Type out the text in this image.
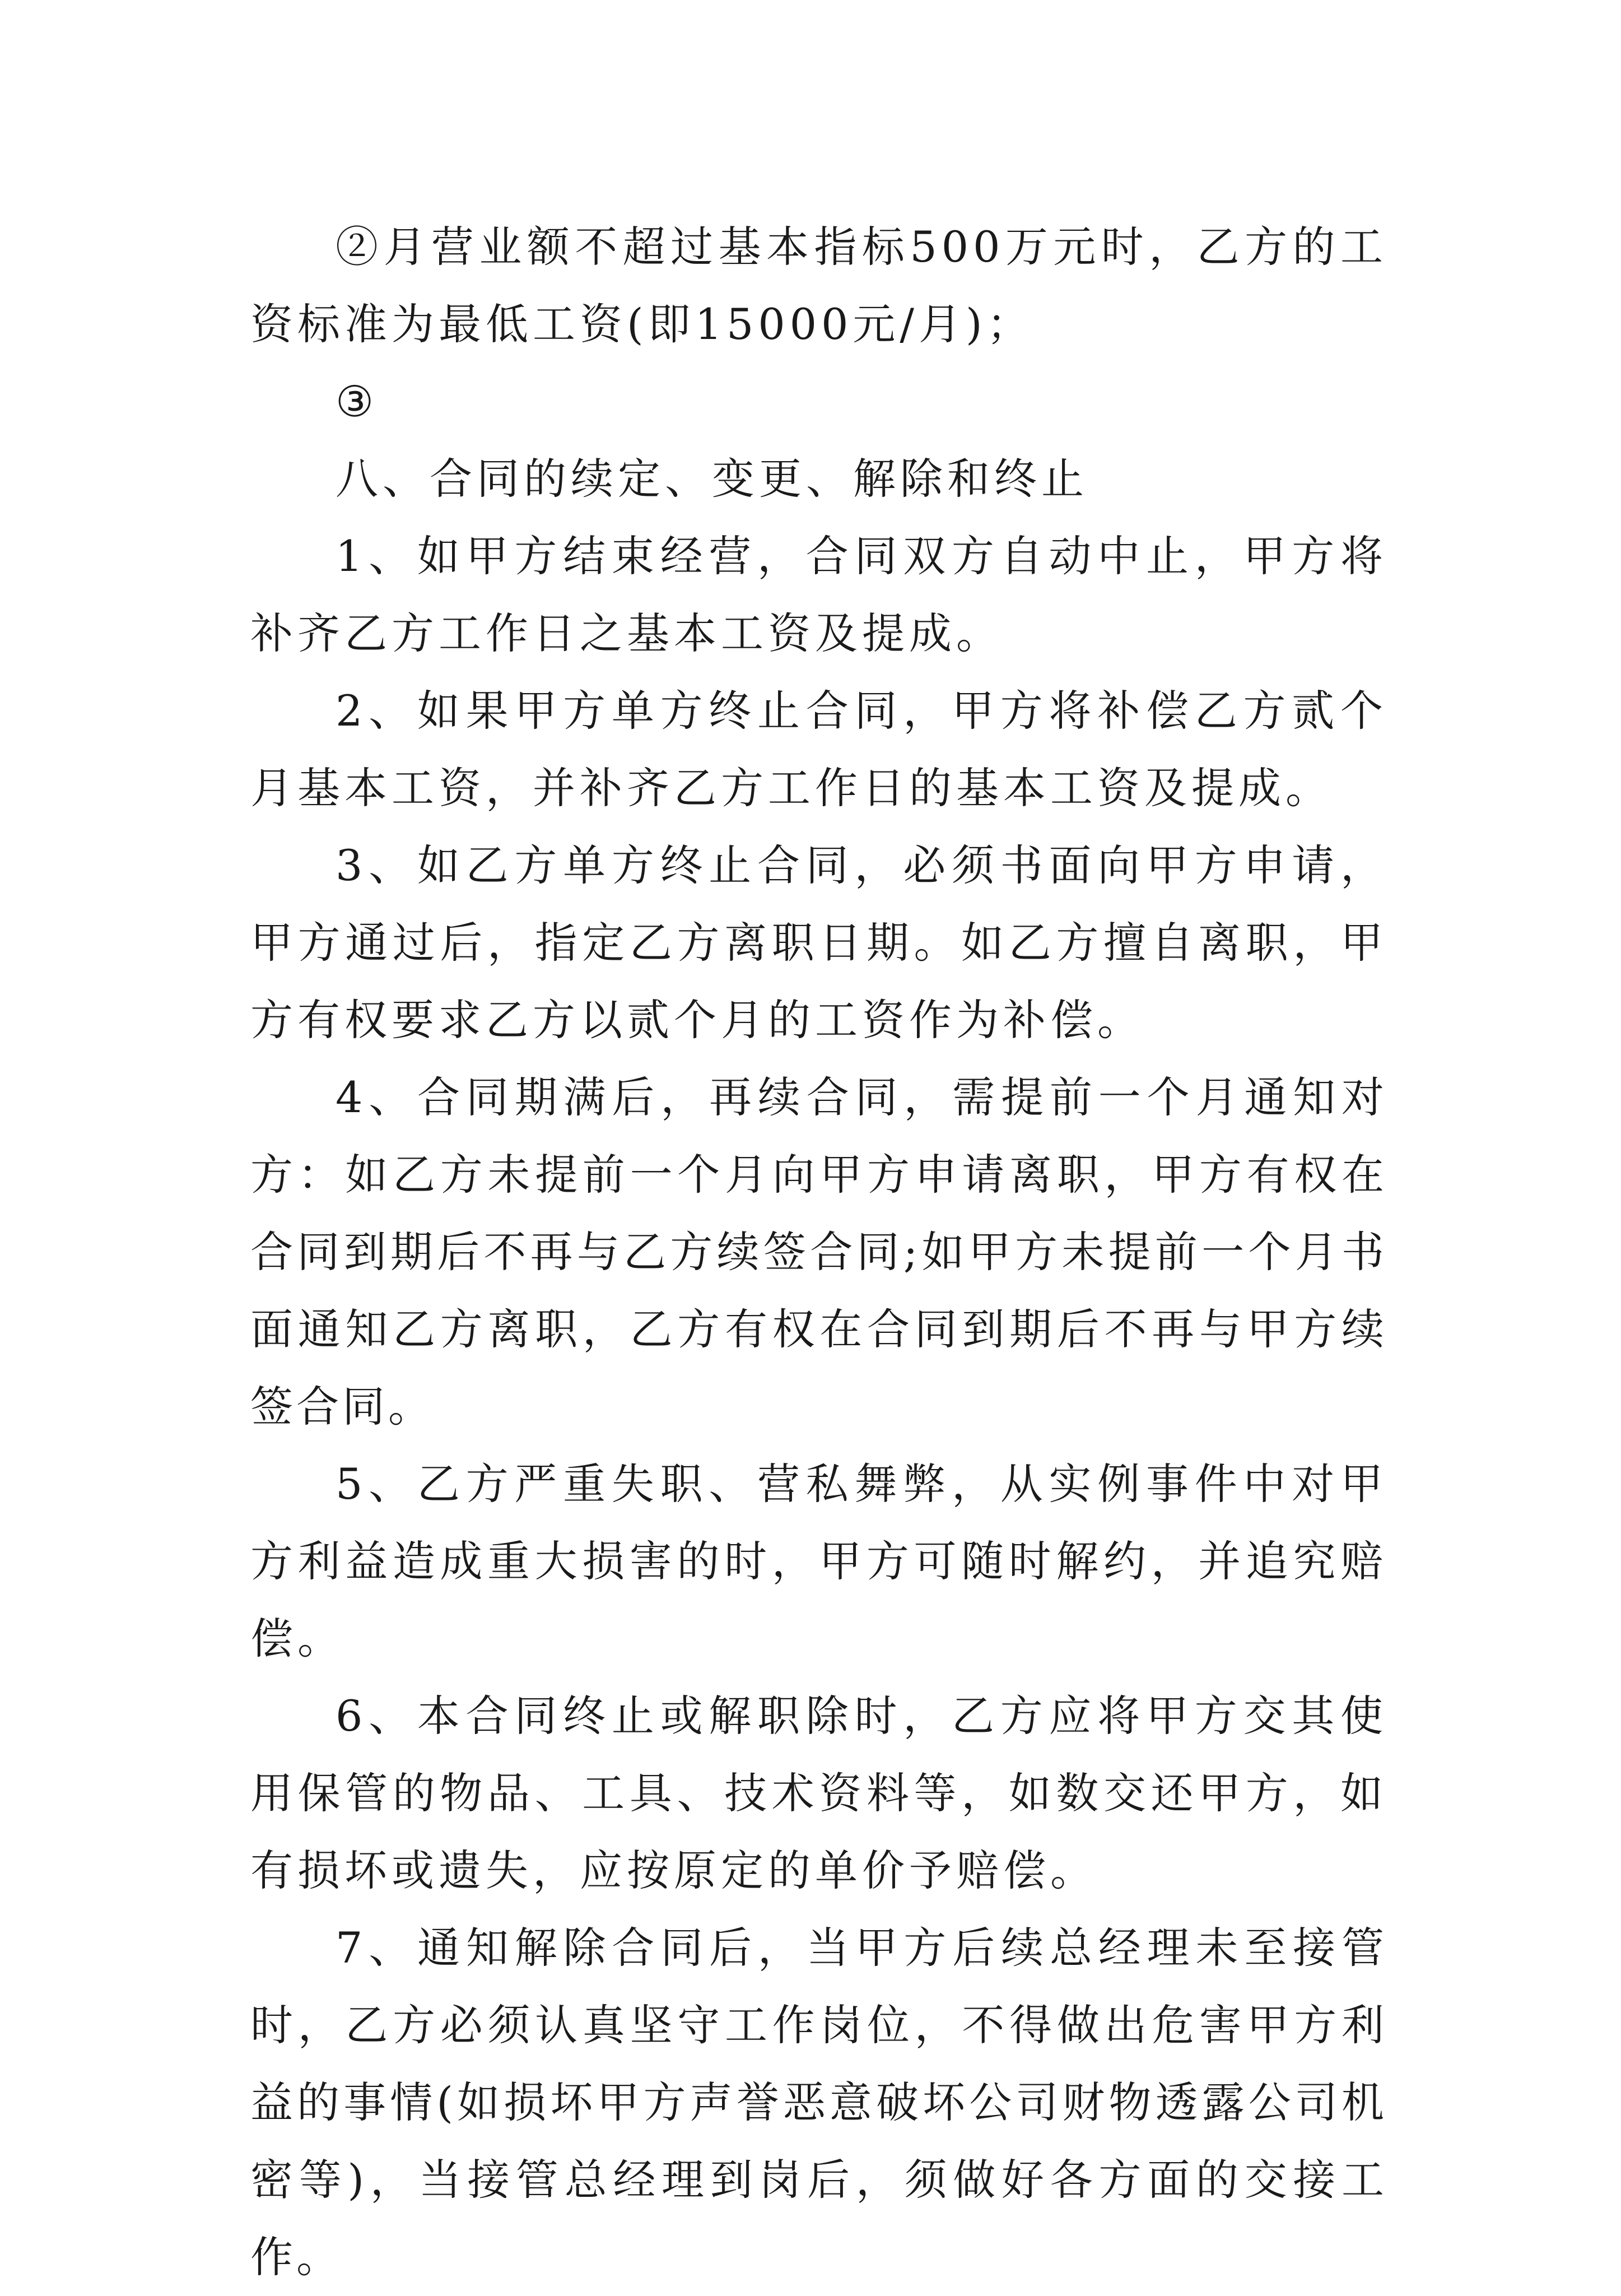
②月营业额不超过基本指标500万元时，乙方的工资标准为最低工资(即15000元/月)；

③

八、合同的续定、变更、解除和终止

1、如甲方结束经营，合同双方自动中止，甲方将补齐乙方工作日之基本工资及提成。

2、如果甲方单方终止合同，甲方将补偿乙方贰个月基本工资，并补齐乙方工作日的基本工资及提成。

3、如乙方单方终止合同，必须书面向甲方申请，甲方通过后，指定乙方离职日期。如乙方擅自离职，甲方有权要求乙方以贰个月的工资作为补偿。

4、合同期满后，再续合同，需提前一个月通知对方：如乙方未提前一个月向甲方申请离职，甲方有权在合同到期后不再与乙方续签合同;如甲方未提前一个月书面通知乙方离职，乙方有权在合同到期后不再与甲方续签合同。

5、乙方严重失职、营私舞弊，从实例事件中对甲方利益造成重大损害的时，甲方可随时解约，并追究赔偿。

6、本合同终止或解职除时，乙方应将甲方交其使用保管的物品、工具、技术资料等，如数交还甲方，如有损坏或遗失，应按原定的单价予赔偿。

7、通知解除合同后，当甲方后续总经理未至接管时，乙方必须认真坚守工作岗位，不得做出危害甲方利益的事情(如损坏甲方声誉恶意破坏公司财物透露公司机密等)，当接管总经理到岗后，须做好各方面的交接工作。
